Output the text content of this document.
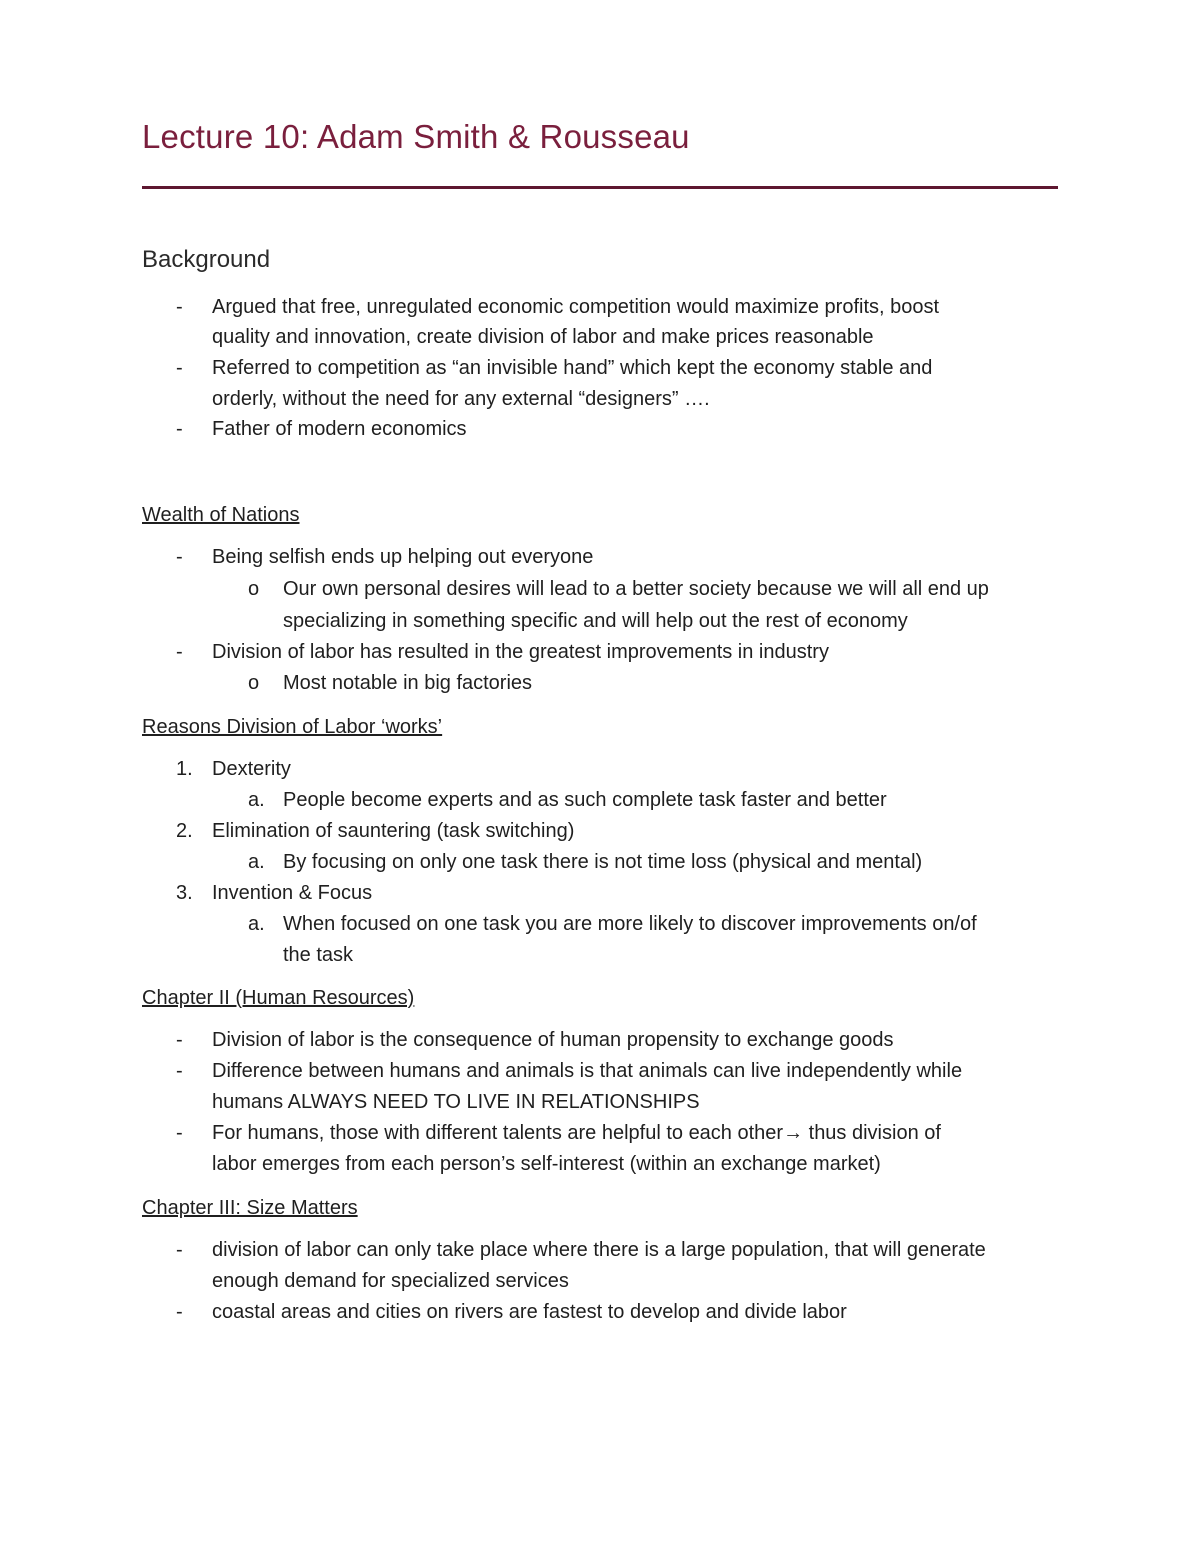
Lecture 10: Adam Smith & Rousseau
Background
- Argued that free, unregulated economic competition would maximize profits, boost
quality and innovation, create division of labor and make prices reasonable
- Referred to competition as “an invisible hand” which kept the economy stable and
orderly, without the need for any external “designers” ….
- Father of modern economics
Wealth of Nations
- Being selfish ends up helping out everyone
o Our own personal desires will lead to a better society because we will all end up
specializing in something specific and will help out the rest of economy
- Division of labor has resulted in the greatest improvements in industry
o Most notable in big factories
Reasons Division of Labor ‘works’
1. Dexterity
a. People become experts and as such complete task faster and better
2. Elimination of sauntering (task switching)
a. By focusing on only one task there is not time loss (physical and mental)
3. Invention & Focus
a. When focused on one task you are more likely to discover improvements on/of
the task
Chapter II (Human Resources)
- Division of labor is the consequence of human propensity to exchange goods
- Difference between humans and animals is that animals can live independently while
humans ALWAYS NEED TO LIVE IN RELATIONSHIPS
- For humans, those with different talents are helpful to each other→ thus division of
labor emerges from each person’s self-interest (within an exchange market)
Chapter III: Size Matters
- division of labor can only take place where there is a large population, that will generate
enough demand for specialized services
- coastal areas and cities on rivers are fastest to develop and divide labor
